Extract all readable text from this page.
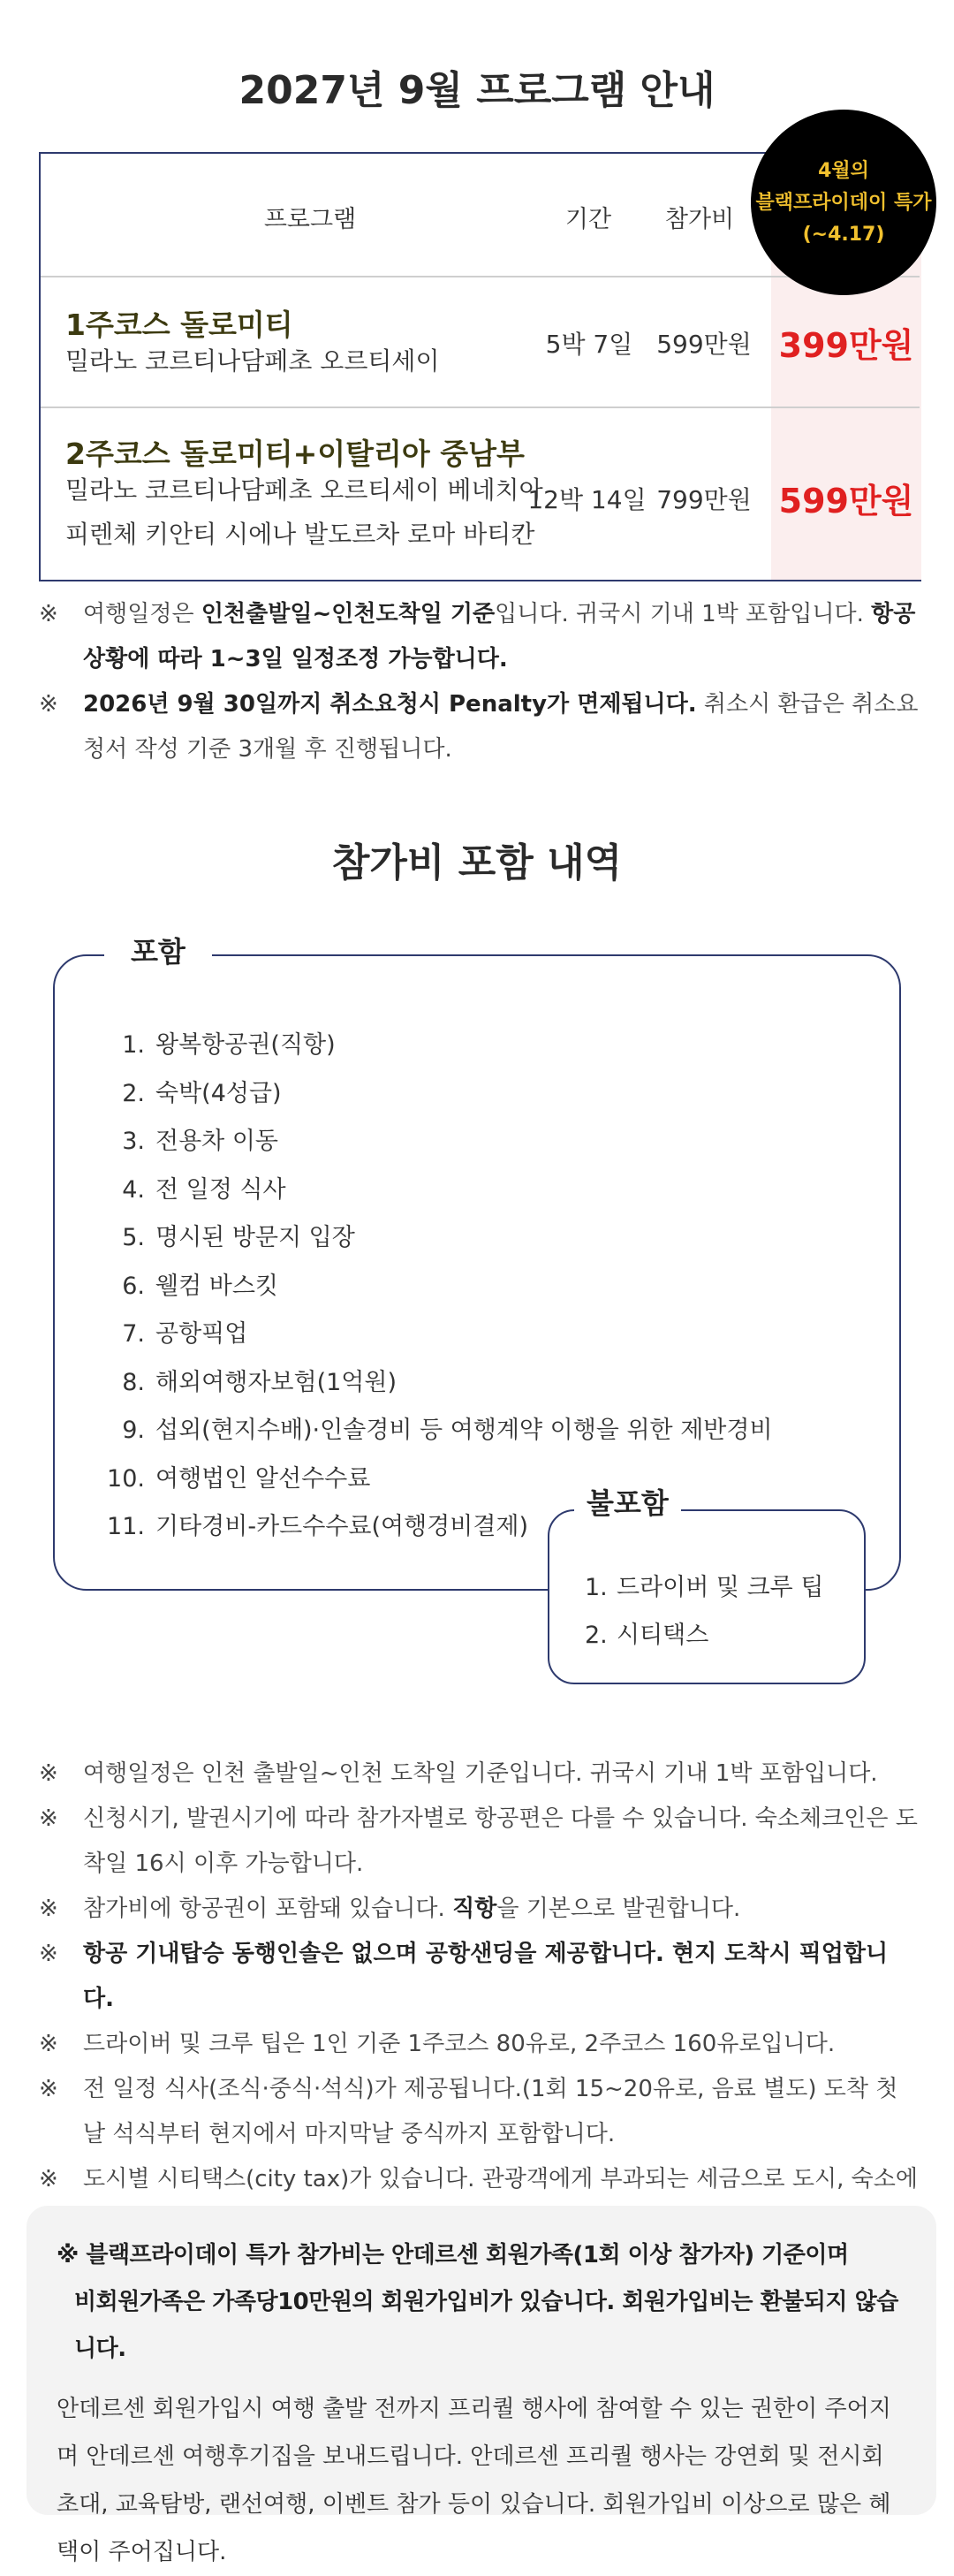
2027년 9월 프로그램 안내
프로그램	기간	참가비
1주코스 돌로미티
밀라노 코르티나담페초 오르티세이
5박 7일 599만원 399만원
2주코스 돌로미티+이탈리아 중남부
밀라노 코르티나담페초 오르티세이 베네치아
피렌체 키안티 시에나 발도르차 로마 바티칸
12박 14일 799만원 599만원
4월의
블랙프라이데이 특가
(~4.17)
※ 여행일정은 인천출발일~인천도착일 기준입니다. 귀국시 기내 1박 포함입니다. 항공상황에 따라 1~3일 일정조정 가능합니다.
※ 2026년 9월 30일까지 취소요청시 Penalty가 면제됩니다. 취소시 환급은 취소요청서 작성 기준 3개월 후 진행됩니다.
참가비 포함 내역
포함
1. 왕복항공권(직항)
2. 숙박(4성급)
3. 전용차 이동
4. 전 일정 식사
5. 명시된 방문지 입장
6. 웰컴 바스킷
7. 공항픽업
8. 해외여행자보험(1억원)
9. 섭외(현지수배)·인솔경비 등 여행계약 이행을 위한 제반경비
10. 여행법인 알선수수료
11. 기타경비-카드수수료(여행경비결제)
불포함
1. 드라이버 및 크루 팁
2. 시티택스
※ 여행일정은 인천 출발일~인천 도착일 기준입니다. 귀국시 기내 1박 포함입니다.
※ 신청시기, 발권시기에 따라 참가자별로 항공편은 다를 수 있습니다. 숙소체크인은 도착일 16시 이후 가능합니다.
※ 참가비에 항공권이 포함돼 있습니다. 직항을 기본으로 발권합니다.
※ 항공 기내탑승 동행인솔은 없으며 공항샌딩을 제공합니다. 현지 도착시 픽업합니다.
※ 드라이버 및 크루 팁은 1인 기준 1주코스 80유로, 2주코스 160유로입니다.
※ 전 일정 식사(조식·중식·석식)가 제공됩니다.(1회 15~20유로, 음료 별도) 도착 첫날 석식부터 현지에서 마지막날 중식까지 포함합니다.
※ 도시별 시티택스(city tax)가 있습니다. 관광객에게 부과되는 세금으로 도시, 숙소에
※ 블랙프라이데이 특가 참가비는 안데르센 회원가족(1회 이상 참가자) 기준이며
비회원가족은 가족당10만원의 회원가입비가 있습니다. 회원가입비는 환불되지 않습니다.
안데르센 회원가입시 여행 출발 전까지 프리퀄 행사에 참여할 수 있는 권한이 주어지며 안데르센 여행후기집을 보내드립니다. 안데르센 프리퀄 행사는 강연회 및 전시회 초대, 교육탐방, 랜선여행, 이벤트 참가 등이 있습니다. 회원가입비 이상으로 많은 혜택이 주어집니다.
